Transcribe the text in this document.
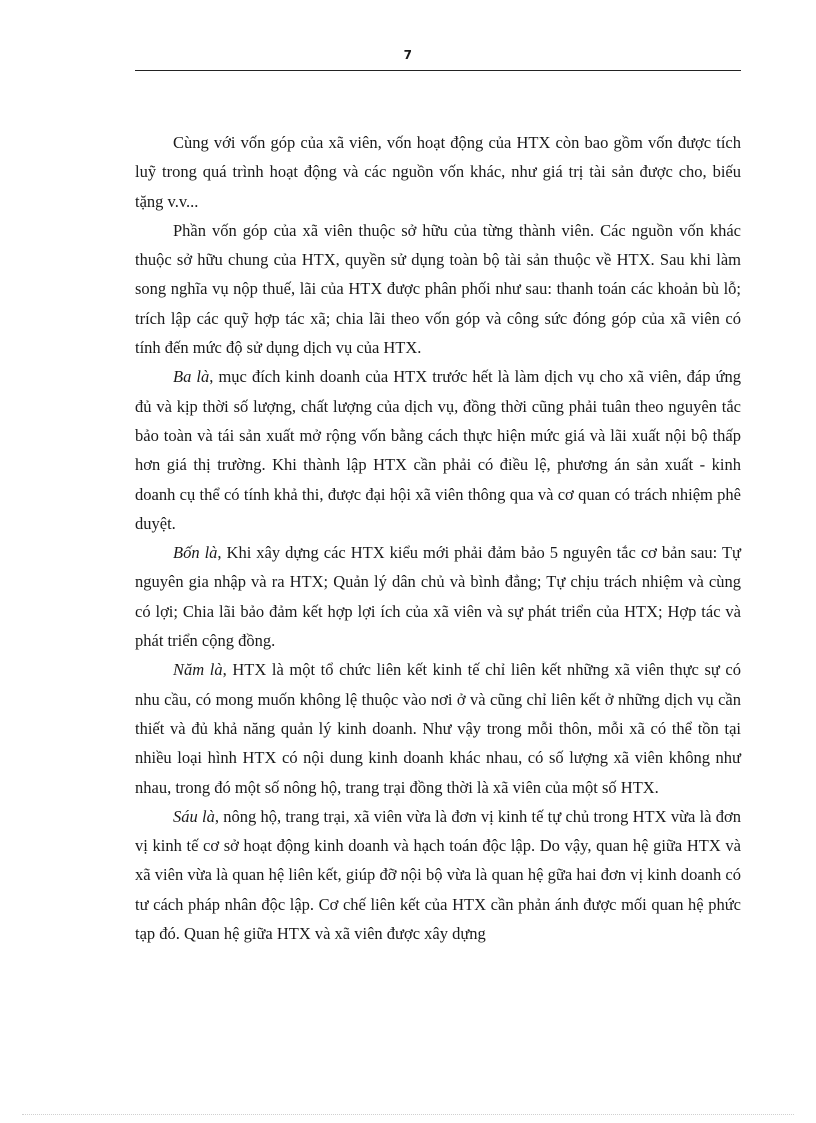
7

Cùng với vốn góp của xã viên, vốn hoạt động của HTX còn bao gồm vốn được tích luỹ trong quá trình hoạt động và các nguồn vốn khác, như giá trị tài sản được cho, biếu tặng v.v...

Phần vốn góp của xã viên thuộc sở hữu của từng thành viên. Các nguồn vốn khác thuộc sở hữu chung của HTX, quyền sử dụng toàn bộ tài sản thuộc về HTX. Sau khi làm song nghĩa vụ nộp thuế, lãi của HTX được phân phối như sau: thanh toán các khoản bù lỗ; trích lập các quỹ hợp tác xã; chia lãi theo vốn góp và công sức đóng góp của xã viên có tính đến mức độ sử dụng dịch vụ của HTX.

Ba là, mục đích kinh doanh của HTX trước hết là làm dịch vụ cho xã viên, đáp ứng đủ và kịp thời số lượng, chất lượng của dịch vụ, đồng thời cũng phải tuân theo nguyên tắc bảo toàn và tái sản xuất mở rộng vốn bằng cách thực hiện mức giá và lãi xuất nội bộ thấp hơn giá thị trường. Khi thành lập HTX cần phải có điều lệ, phương án sản xuất - kinh doanh cụ thể có tính khả thi, được đại hội xã viên thông qua và cơ quan có trách nhiệm phê duyệt.

Bốn là, Khi xây dựng các HTX kiểu mới phải đảm bảo 5 nguyên tắc cơ bản sau: Tự nguyên gia nhập và ra HTX; Quản lý dân chủ và bình đẳng; Tự chịu trách nhiệm và cùng có lợi; Chia lãi bảo đảm kết hợp lợi ích của xã viên và sự phát triển của HTX; Hợp tác và phát triển cộng đồng.

Năm là, HTX là một tổ chức liên kết kinh tế chỉ liên kết những xã viên thực sự có nhu cầu, có mong muốn không lệ thuộc vào nơi ở và cũng chỉ liên kết ở những dịch vụ cần thiết và đủ khả năng quản lý kinh doanh. Như vậy trong mỗi thôn, mỗi xã có thể tồn tại nhiều loại hình HTX có nội dung kinh doanh khác nhau, có số lượng xã viên không như nhau, trong đó một số nông hộ, trang trại đồng thời là xã viên của một số HTX.

Sáu là, nông hộ, trang trại, xã viên vừa là đơn vị kinh tế tự chủ trong HTX vừa là đơn vị kinh tế cơ sở hoạt động kinh doanh và hạch toán độc lập. Do vậy, quan hệ giữa HTX và xã viên vừa là quan hệ liên kết, giúp đỡ nội bộ vừa là quan hệ gữa hai đơn vị kinh doanh có tư cách pháp nhân độc lập. Cơ chế liên kết của HTX cần phản ánh được mối quan hệ phức tạp đó. Quan hệ giữa HTX và xã viên được xây dựng
